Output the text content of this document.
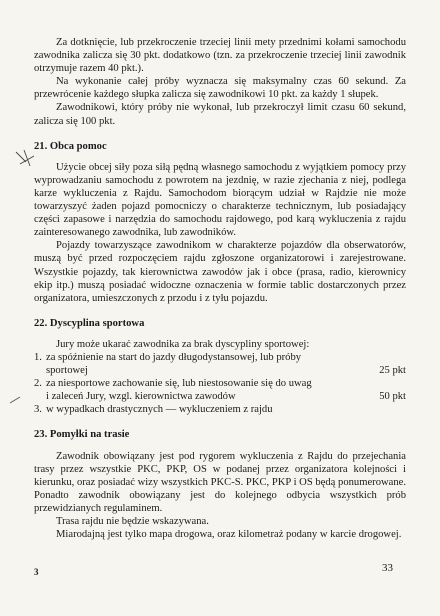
Za dotknięcie, lub przekroczenie trzeciej linii mety przednimi kołami samochodu zawodnika zalicza się 30 pkt. dodatkowo (tzn. za przekroczenie trzeciej linii zawodnik otrzymuje razem 40 pkt.).

Na wykonanie całej próby wyznacza się maksymalny czas 60 sekund. Za przewrócenie każdego słupka zalicza się zawodnikowi 10 pkt. za każdy 1 słupek.

Zawodnikowi, który próby nie wykonał, lub przekroczył limit czasu 60 sekund, zalicza się 100 pkt.

21. Obca pomoc

Użycie obcej siły poza siłą pędną własnego samochodu z wyjątkiem pomocy przy wyprowadzaniu samochodu z powrotem na jezdnię, w razie zjechania z niej, podlega karze wykluczenia z Rajdu. Samochodom biorącym udział w Rajdzie nie może towarzyszyć żaden pojazd pomocniczy o charakterze technicznym, lub posiadający części zapasowe i narzędzia do samochodu rajdowego, pod karą wykluczenia z rajdu zainteresowanego zawodnika, lub zawodników.

Pojazdy towarzyszące zawodnikom w charakterze pojazdów dla obserwatorów, muszą być przed rozpoczęciem rajdu zgłoszone organizatorowi i zarejestrowane. Wszystkie pojazdy, tak kierownictwa zawodów jak i obce (prasa, radio, kierownicy ekip itp.) muszą posiadać widoczne oznaczenia w formie tablic dostarczonych przez organizatora, umieszczonych z przodu i z tyłu pojazdu.

22. Dyscyplina sportowa

Jury może ukarać zawodnika za brak dyscypliny sportowej:

1. za spóźnienie na start do jazdy długodystansowej, lub próby
sportowej	25 pkt
2. za niesportowe zachowanie się, lub niestosowanie się do uwag
i zaleceń Jury, wzgl. kierownictwa zawodów	50 pkt
3. w wypadkach drastycznych — wykluczeniem z rajdu

23. Pomyłki na trasie

Zawodnik obowiązany jest pod rygorem wykluczenia z Rajdu do przejechania trasy przez wszystkie PKC, PKP, OS w podanej przez organizatora kolejności i kierunku, oraz posiadać wizy wszystkich PKC-S. PKC, PKP i OS będą ponumerowane. Ponadto zawodnik obowiązany jest do kolejnego odbycia wszystkich prób przewidzianych regulaminem.

Trasa rajdu nie będzie wskazywana.

Miarodajną jest tylko mapa drogowa, oraz kilometraż podany w karcie drogowej.

3	33
